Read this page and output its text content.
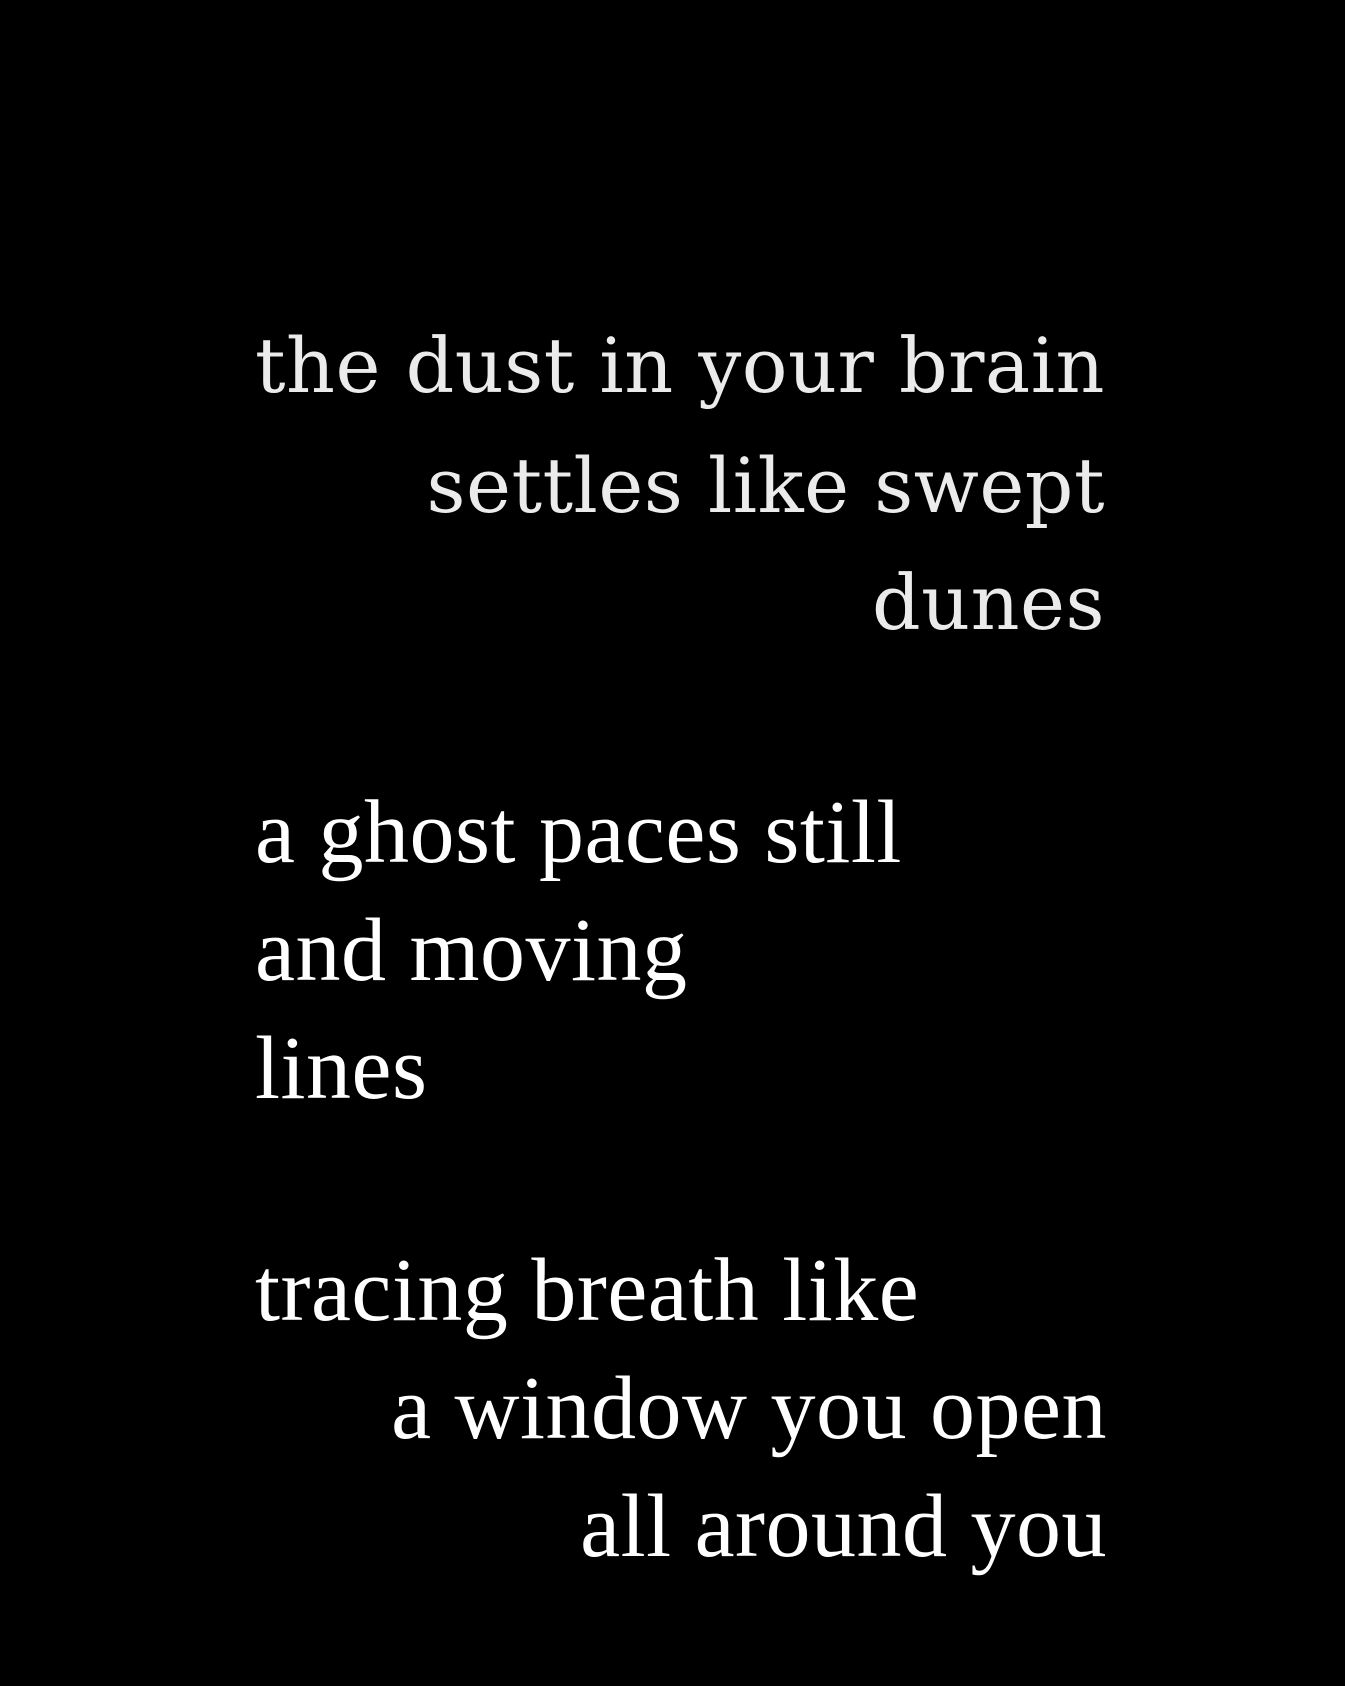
the dust in your brain
settles like swept
dunes
a ghost paces still
and moving
lines
tracing breath like
a window you open
all around you
